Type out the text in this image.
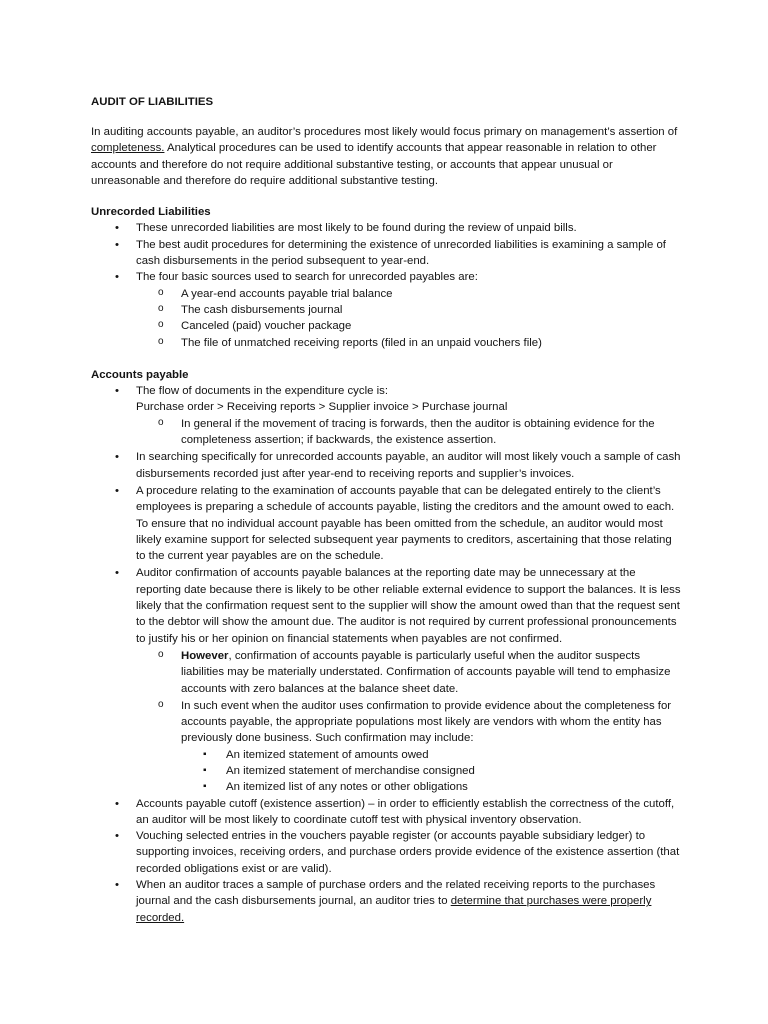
AUDIT OF LIABILITIES

In auditing accounts payable, an auditor’s procedures most likely would focus primary on management’s assertion of completeness. Analytical procedures can be used to identify accounts that appear reasonable in relation to other accounts and therefore do not require additional substantive testing, or accounts that appear unusual or unreasonable and therefore do require additional substantive testing.

Unrecorded Liabilities
• These unrecorded liabilities are most likely to be found during the review of unpaid bills.
• The best audit procedures for determining the existence of unrecorded liabilities is examining a sample of cash disbursements in the period subsequent to year-end.
• The four basic sources used to search for unrecorded payables are:
o A year-end accounts payable trial balance
o The cash disbursements journal
o Canceled (paid) voucher package
o The file of unmatched receiving reports (filed in an unpaid vouchers file)
Accounts payable
• The flow of documents in the expenditure cycle is:
Purchase order > Receiving reports > Supplier invoice > Purchase journal
o In general if the movement of tracing is forwards, then the auditor is obtaining evidence for the completeness assertion; if backwards, the existence assertion.
• In searching specifically for unrecorded accounts payable, an auditor will most likely vouch a sample of cash disbursements recorded just after year-end to receiving reports and supplier’s invoices.
• A procedure relating to the examination of accounts payable that can be delegated entirely to the client’s employees is preparing a schedule of accounts payable, listing the creditors and the amount owed to each. To ensure that no individual account payable has been omitted from the schedule, an auditor would most likely examine support for selected subsequent year payments to creditors, ascertaining that those relating to the current year payables are on the schedule.
• Auditor confirmation of accounts payable balances at the reporting date may be unnecessary at the reporting date because there is likely to be other reliable external evidence to support the balances. It is less likely that the confirmation request sent to the supplier will show the amount owed than that the request sent to the debtor will show the amount due. The auditor is not required by current professional pronouncements to justify his or her opinion on financial statements when payables are not confirmed.
o However, confirmation of accounts payable is particularly useful when the auditor suspects liabilities may be materially understated. Confirmation of accounts payable will tend to emphasize accounts with zero balances at the balance sheet date.
o In such event when the auditor uses confirmation to provide evidence about the completeness for accounts payable, the appropriate populations most likely are vendors with whom the entity has previously done business. Such confirmation may include:
▪ An itemized statement of amounts owed
▪ An itemized statement of merchandise consigned
▪ An itemized list of any notes or other obligations
• Accounts payable cutoff (existence assertion) – in order to efficiently establish the correctness of the cutoff, an auditor will be most likely to coordinate cutoff test with physical inventory observation.
• Vouching selected entries in the vouchers payable register (or accounts payable subsidiary ledger) to supporting invoices, receiving orders, and purchase orders provide evidence of the existence assertion (that recorded obligations exist or are valid).
• When an auditor traces a sample of purchase orders and the related receiving reports to the purchases journal and the cash disbursements journal, an auditor tries to determine that purchases were properly recorded.
